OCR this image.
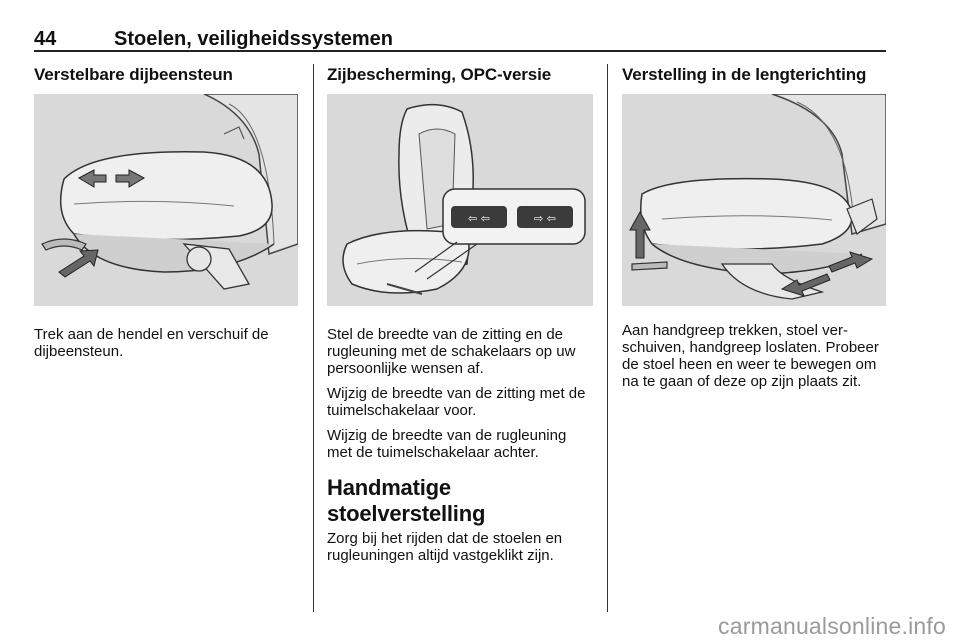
44	Stoelen, veiligheidssystemen
Verstelbare dijbeensteun

Trek aan de hendel en verschuif de dijbeensteun.

Zijbescherming, OPC-versie
⇦ ⇦	⇨ ⇦

Stel de breedte van de zitting en de rugleuning met de schakelaars op uw persoonlijke wensen af.

Wijzig de breedte van de zitting met de tuimelschakelaar voor.

Wijzig de breedte van de rugleuning met de tuimelschakelaar achter.

Handmatige stoelverstelling

Zorg bij het rijden dat de stoelen en rugleuningen altijd vastgeklikt zijn.

Verstelling in de lengterichting

Aan handgreep trekken, stoel verschuiven, handgreep loslaten. Probeer de stoel heen en weer te bewegen om na te gaan of deze op zijn plaats zit.

carmanualsonline.info
